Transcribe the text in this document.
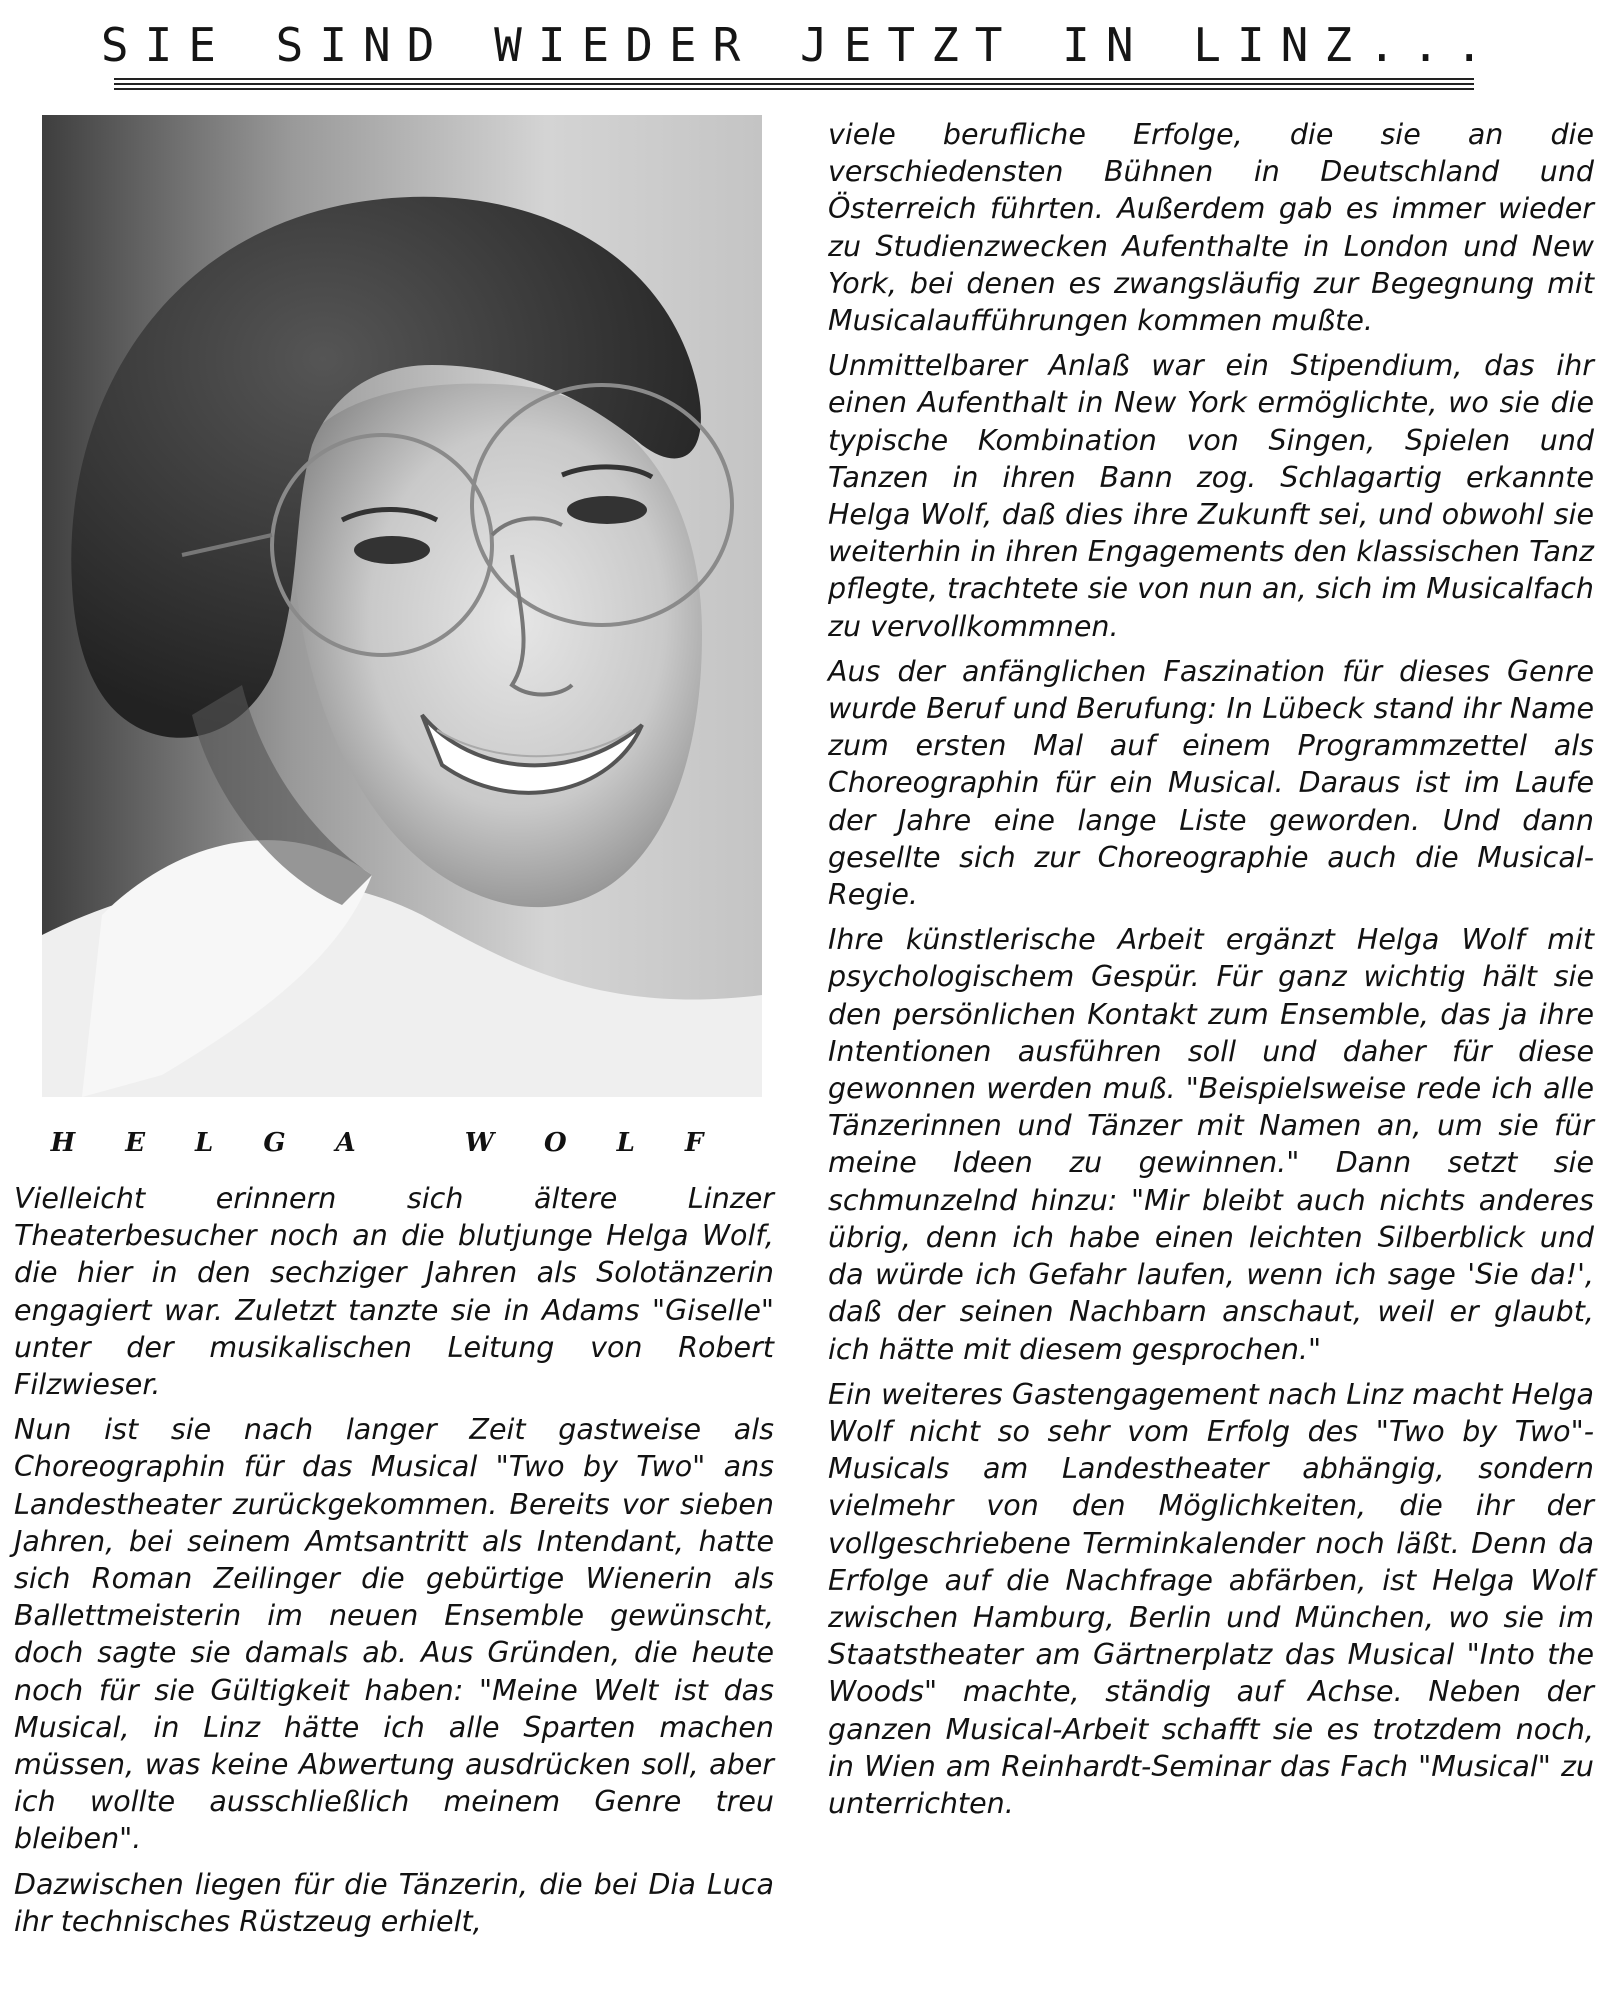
SIE SIND WIEDER JETZT IN LINZ...
HELGA WOLF

Vielleicht erinnern sich ältere Linzer Theaterbesucher noch an die blutjunge Helga Wolf, die hier in den sechziger Jahren als Solotänzerin engagiert war. Zuletzt tanzte sie in Adams "Giselle" unter der musikalischen Leitung von Robert Filzwieser.

Nun ist sie nach langer Zeit gastweise als Choreographin für das Musical "Two by Two" ans Landestheater zurückgekommen. Bereits vor sieben Jahren, bei seinem Amtsantritt als Intendant, hatte sich Roman Zeilinger die gebürtige Wienerin als Ballettmeisterin im neuen Ensemble gewünscht, doch sagte sie damals ab. Aus Gründen, die heute noch für sie Gültigkeit haben: "Meine Welt ist das Musical, in Linz hätte ich alle Sparten machen müssen, was keine Abwertung ausdrücken soll, aber ich wollte ausschließlich meinem Genre treu bleiben".

Dazwischen liegen für die Tänzerin, die bei Dia Luca ihr technisches Rüstzeug erhielt,

viele berufliche Erfolge, die sie an die verschiedensten Bühnen in Deutschland und Österreich führten. Außerdem gab es immer wieder zu Studienzwecken Aufenthalte in London und New York, bei denen es zwangsläufig zur Begegnung mit Musicalaufführungen kommen mußte.

Unmittelbarer Anlaß war ein Stipendium, das ihr einen Aufenthalt in New York ermöglichte, wo sie die typische Kombination von Singen, Spielen und Tanzen in ihren Bann zog. Schlagartig erkannte Helga Wolf, daß dies ihre Zukunft sei, und obwohl sie weiterhin in ihren Engagements den klassischen Tanz pflegte, trachtete sie von nun an, sich im Musicalfach zu vervollkommnen.

Aus der anfänglichen Faszination für dieses Genre wurde Beruf und Berufung: In Lübeck stand ihr Name zum ersten Mal auf einem Programmzettel als Choreographin für ein Musical. Daraus ist im Laufe der Jahre eine lange Liste geworden. Und dann gesellte sich zur Choreographie auch die Musical-Regie.

Ihre künstlerische Arbeit ergänzt Helga Wolf mit psychologischem Gespür. Für ganz wichtig hält sie den persönlichen Kontakt zum Ensemble, das ja ihre Intentionen ausführen soll und daher für diese gewonnen werden muß. "Beispielsweise rede ich alle Tänzerinnen und Tänzer mit Namen an, um sie für meine Ideen zu gewinnen." Dann setzt sie schmunzelnd hinzu: "Mir bleibt auch nichts anderes übrig, denn ich habe einen leichten Silberblick und da würde ich Gefahr laufen, wenn ich sage 'Sie da!', daß der seinen Nachbarn anschaut, weil er glaubt, ich hätte mit diesem gesprochen."

Ein weiteres Gastengagement nach Linz macht Helga Wolf nicht so sehr vom Erfolg des "Two by Two"-Musicals am Landestheater abhängig, sondern vielmehr von den Möglichkeiten, die ihr der vollgeschriebene Terminkalender noch läßt. Denn da Erfolge auf die Nachfrage abfärben, ist Helga Wolf zwischen Hamburg, Berlin und München, wo sie im Staatstheater am Gärtnerplatz das Musical "Into the Woods" machte, ständig auf Achse. Neben der ganzen Musical-Arbeit schafft sie es trotzdem noch, in Wien am Reinhardt-Seminar das Fach "Musical" zu unterrichten.
